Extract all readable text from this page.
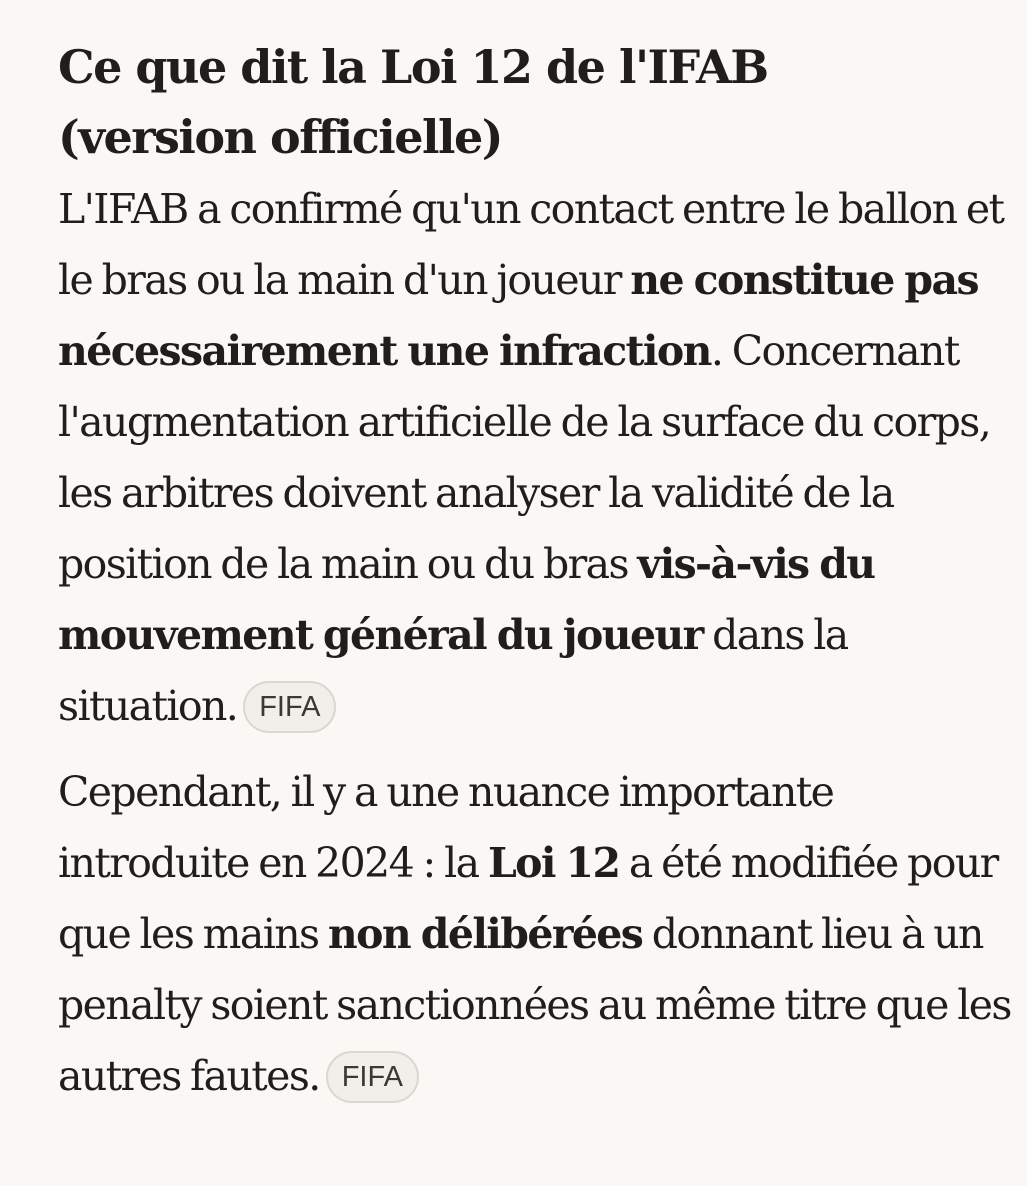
Ce que dit la Loi 12 de l'IFAB
(version officielle)

L'IFAB a confirmé qu'un contact entre le ballon et le bras ou la main d'un joueur ne constitue pas nécessairement une infraction. Concernant l'augmentation artificielle de la surface du corps, les arbitres doivent analyser la validité de la position de la main ou du bras vis-à-vis du mouvement général du joueur dans la situation. FIFA

Cependant, il y a une nuance importante introduite en 2024 : la Loi 12 a été modifiée pour que les mains non délibérées donnant lieu à un penalty soient sanctionnées au même titre que les autres fautes. FIFA
